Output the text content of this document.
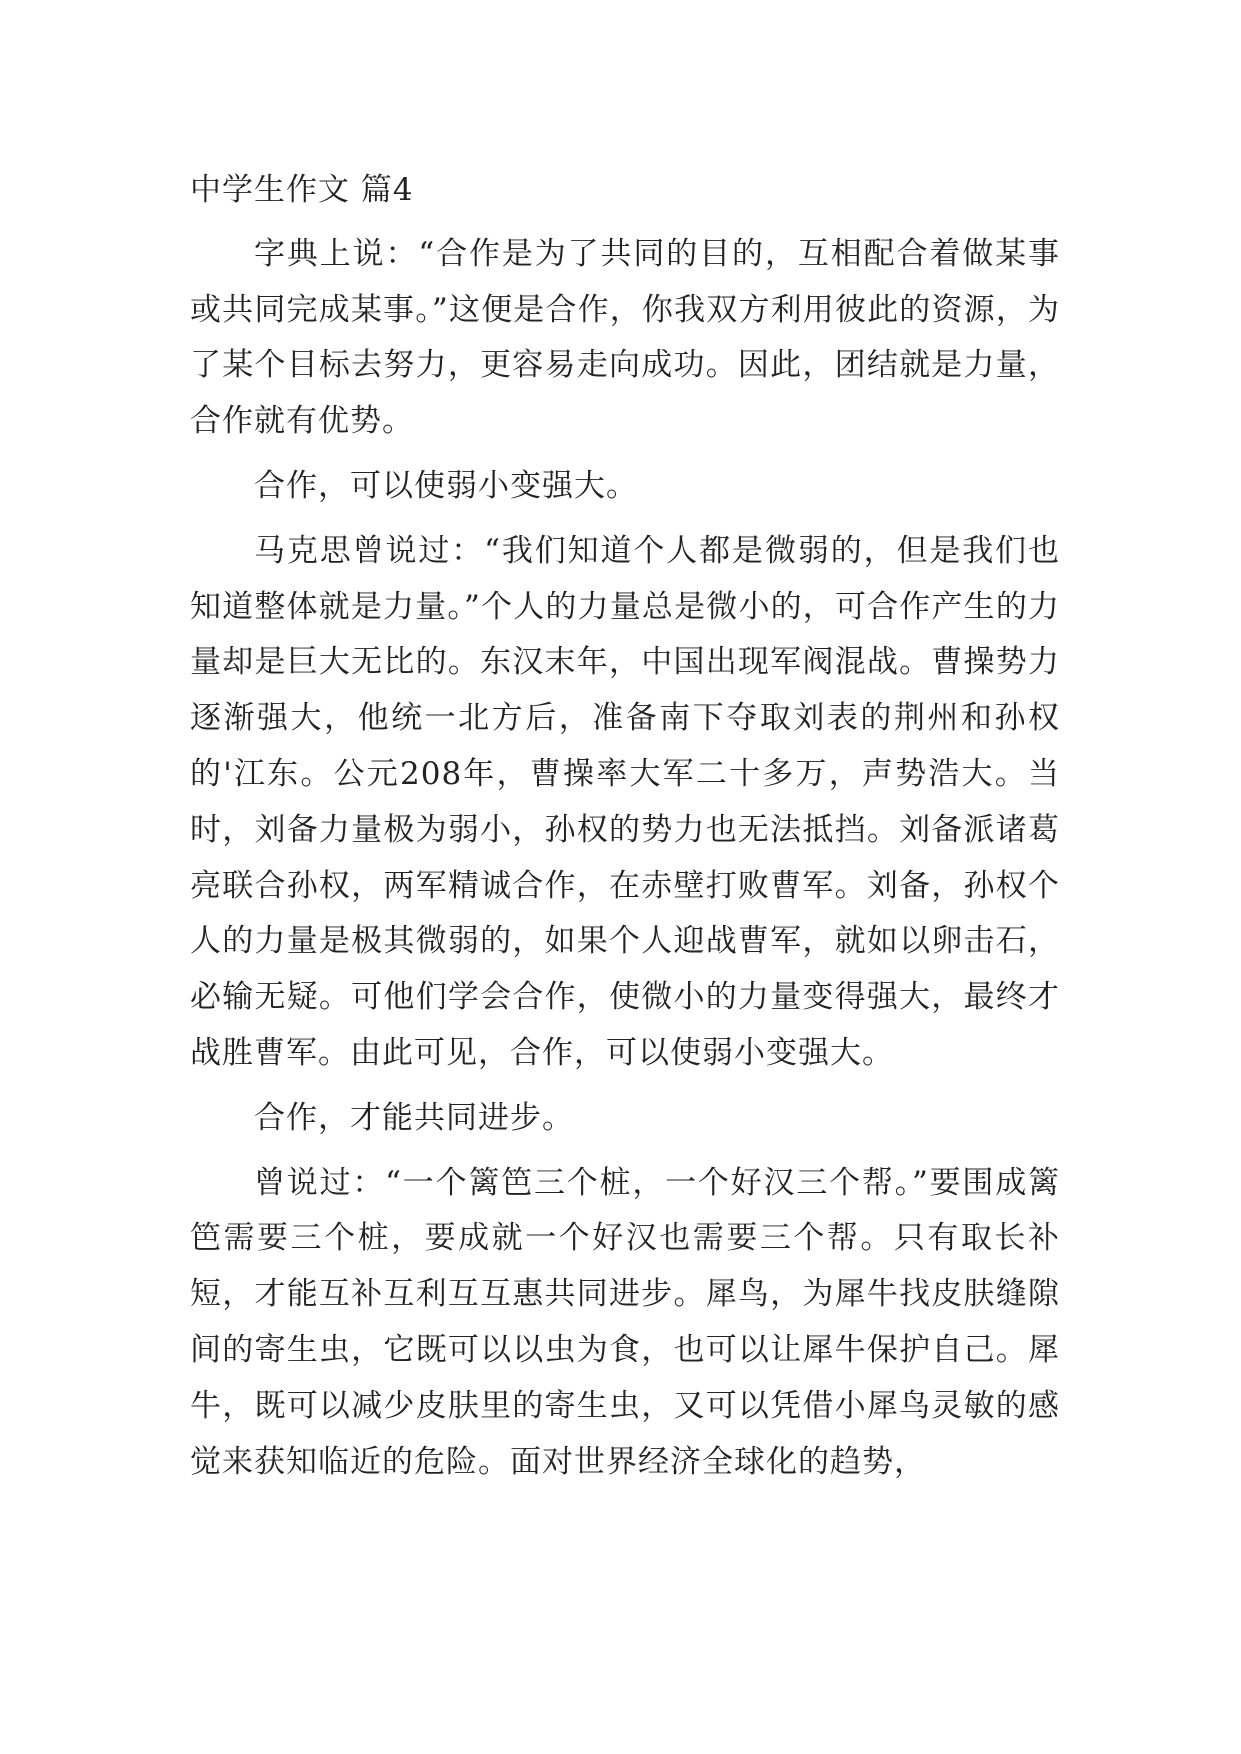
中学生作文 篇4

字典上说：“合作是为了共同的目的，互相配合着做某事或共同完成某事。”这便是合作，你我双方利用彼此的资源，为了某个目标去努力，更容易走向成功。因此，团结就是力量，合作就有优势。

合作，可以使弱小变强大。

马克思曾说过：“我们知道个人都是微弱的，但是我们也知道整体就是力量。”个人的力量总是微小的，可合作产生的力量却是巨大无比的。东汉末年，中国出现军阀混战。曹操势力逐渐强大，他统一北方后，准备南下夺取刘表的荆州和孙权的'江东。公元208年，曹操率大军二十多万，声势浩大。当时，刘备力量极为弱小，孙权的势力也无法抵挡。刘备派诸葛亮联合孙权，两军精诚合作，在赤壁打败曹军。刘备，孙权个人的力量是极其微弱的，如果个人迎战曹军，就如以卵击石，必输无疑。可他们学会合作，使微小的力量变得强大，最终才战胜曹军。由此可见，合作，可以使弱小变强大。

合作，才能共同进步。

曾说过：“一个篱笆三个桩，一个好汉三个帮。”要围成篱笆需要三个桩，要成就一个好汉也需要三个帮。只有取长补短，才能互补互利互互惠共同进步。犀鸟，为犀牛找皮肤缝隙间的寄生虫，它既可以以虫为食，也可以让犀牛保护自己。犀牛，既可以减少皮肤里的寄生虫，又可以凭借小犀鸟灵敏的感觉来获知临近的危险。面对世界经济全球化的趋势，
